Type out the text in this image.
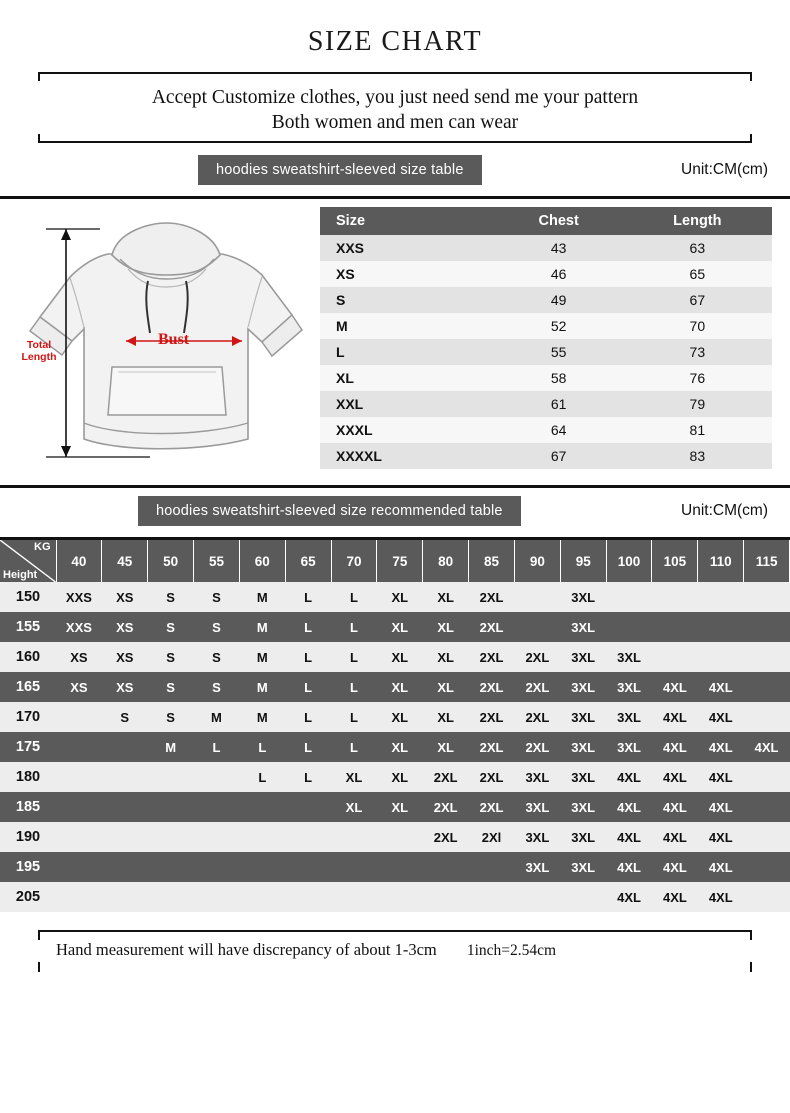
SIZE CHART
Accept Customize clothes, you just need send me your pattern
Both women and men can wear
hoodies sweatshirt-sleeved size table	Unit:CM(cm)
Bust
Total
Length
Size	Chest	Length
XXS	43	63
XS	46	65
S	49	67
M	52	70
L	55	73
XL	58	76
XXL	61	79
XXXL	64	81
XXXXL	67	83
hoodies sweatshirt-sleeved size recommended table	Unit:CM(cm)
KG
Height	40	45	50	55	60	65	70	75	80	85	90	95	100	105	110	115
150	XXS	XS	S	S	M	L	L	XL	XL	2XL		3XL				
155	XXS	XS	S	S	M	L	L	XL	XL	2XL		3XL				
160	XS	XS	S	S	M	L	L	XL	XL	2XL	2XL	3XL	3XL			
165	XS	XS	S	S	M	L	L	XL	XL	2XL	2XL	3XL	3XL	4XL	4XL	
170		S	S	M	M	L	L	XL	XL	2XL	2XL	3XL	3XL	4XL	4XL	
175			M	L	L	L	L	XL	XL	2XL	2XL	3XL	3XL	4XL	4XL	4XL
180					L	L	XL	XL	2XL	2XL	3XL	3XL	4XL	4XL	4XL	
185							XL	XL	2XL	2XL	3XL	3XL	4XL	4XL	4XL	
190									2XL	2Xl	3XL	3XL	4XL	4XL	4XL	
195											3XL	3XL	4XL	4XL	4XL	
205													4XL	4XL	4XL	
Hand measurement will have discrepancy of about 1-3cm 1inch=2.54cm
